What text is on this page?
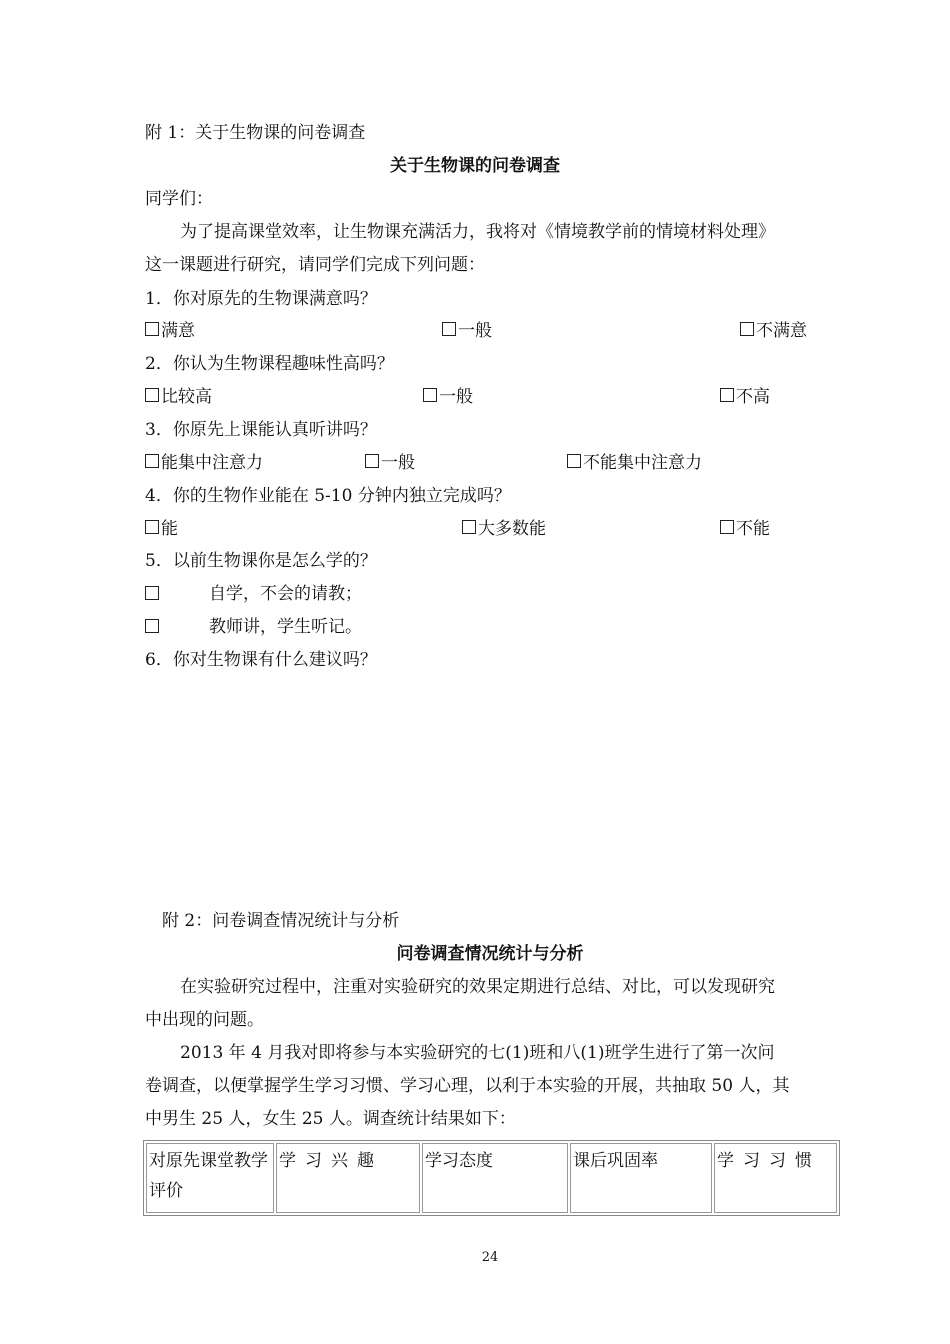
附 1：关于生物课的问卷调查
关于生物课的问卷调查
同学们：
为了提高课堂效率，让生物课充满活力，我将对《情境教学前的情境材料处理》
这一课题进行研究，请同学们完成下列问题：
1．你对原先的生物课满意吗？
满意	一般	不满意
2．你认为生物课程趣味性高吗？
比较高	一般	不高
3．你原先上课能认真听讲吗？
能集中注意力	一般	不能集中注意力
4．你的生物作业能在 5-10 分钟内独立完成吗？
能	大多数能	不能
5．以前生物课你是怎么学的？
自学，不会的请教；
教师讲，学生听记。
6．你对生物课有什么建议吗？
附 2：问卷调查情况统计与分析
问卷调查情况统计与分析
在实验研究过程中，注重对实验研究的效果定期进行总结、对比，可以发现研究
中出现的问题。
2013 年 4 月我对即将参与本实验研究的七(1)班和八(1)班学生进行了第一次问
卷调查，以便掌握学生学习习惯、学习心理，以利于本实验的开展，共抽取 50 人，其
中男生 25 人，女生 25 人。调查统计结果如下：
对原先课堂教学评价	学习兴趣	学习态度	课后巩固率	学习习惯
24
